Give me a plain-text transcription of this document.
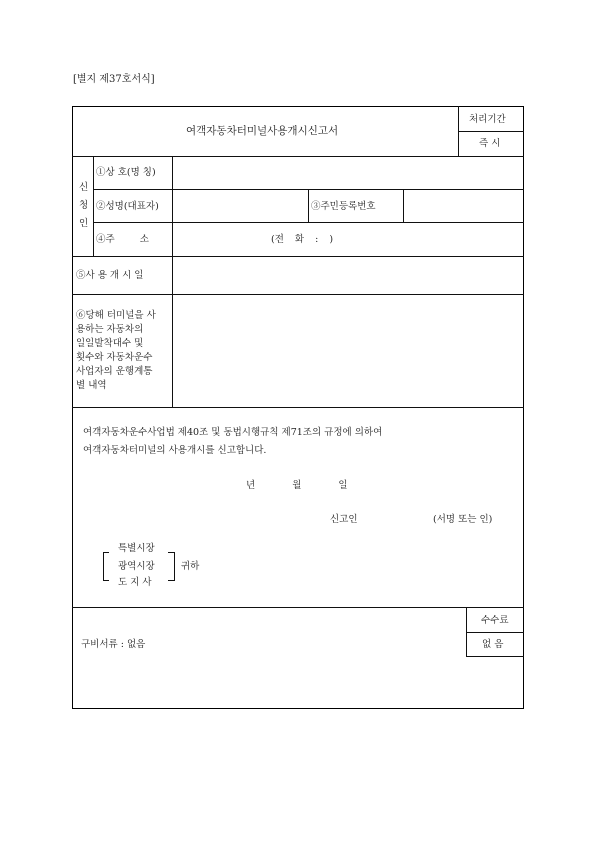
[별지 제37호서식]
여객자동차터미널사용개시신고서
처리기간
즉 시
신
청
인
①상 호(명 칭)
②성명(대표자)	③주민등록번호
④주 소	(전 화 : )
⑤사 용 개 시 일
⑥당해 터미널을 사
용하는 자동차의
일일발착대수 및
횟수와 자동차운수
사업자의 운행계통
별 내역
여객자동차운수사업법 제40조 및 동법시행규칙 제71조의 규정에 의하여
여객자동차터미널의 사용개시를 신고합니다.
년 월 일
신고인	(서명 또는 인)
특별시장
광역시장
도 지 사
귀하
구비서류 : 없음
수수료
없 음
